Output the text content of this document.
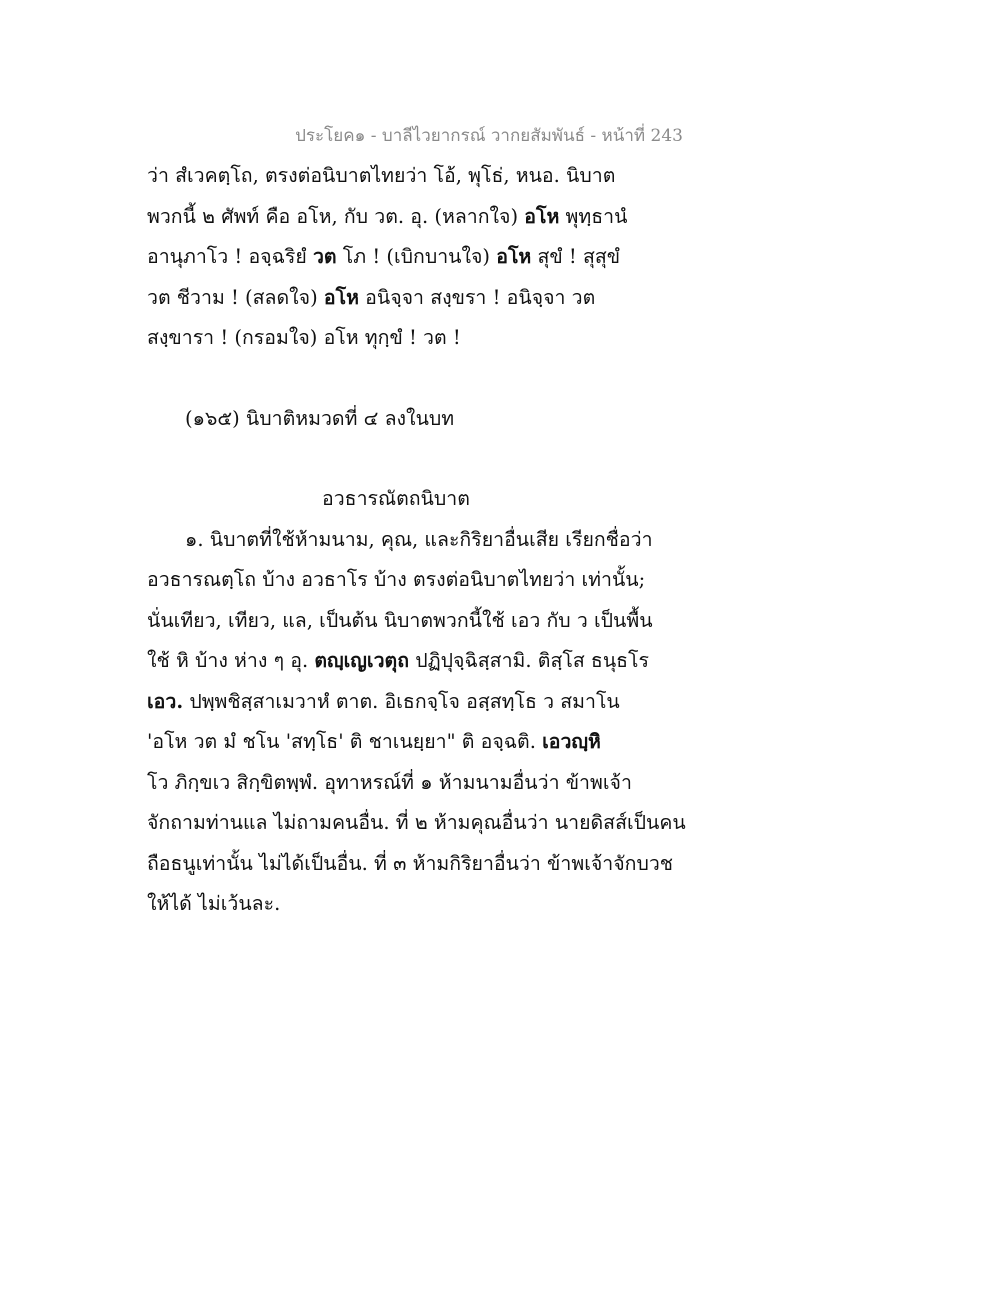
ประโยค๑ - บาลีไวยากรณ์ วากยสัมพันธ์ - หน้าที่ 243
ว่า สํเวคตฺโถ, ตรงต่อนิบาตไทยว่า โอ้, พุโธ่, หนอ. นิบาต
พวกนี้ ๒ ศัพท์ คือ อโห, กับ วต. อุ. (หลากใจ) อโห พุทฺธานํ
อานุภาโว ! อจฺฉริยํ วต โภ ! (เบิกบานใจ) อโห สุขํ ! สุสุขํ
วต ชีวาม ! (สลดใจ) อโห อนิจฺจา สงฺขรา ! อนิจฺจา วต
สงฺขารา ! (กรอมใจ) อโห ทุกฺขํ ! วต !
(๑๖๕) นิบาติหมวดที่ ๔ ลงในบท
อวธารณัตถนิบาต
๑. นิบาตที่ใช้ห้ามนาม, คุณ, และกิริยาอื่นเสีย เรียกชื่อว่า
อวธารณตฺโถ บ้าง อวธาโร บ้าง ตรงต่อนิบาตไทยว่า เท่านั้น;
นั่นเทียว, เทียว, แล, เป็นต้น นิบาตพวกนี้ใช้ เอว กับ ว เป็นพื้น
ใช้ หิ บ้าง ห่าง ๆ อุ. ตญฺเญเวตุถ ปฏิปุจฺฉิสฺสามิ. ติสฺโส ธนุธโร
เอว. ปพฺพชิสฺสาเมวาหํ ตาต. อิเธกจฺโจ อสฺสทฺโธ ว สมาโน
'อโห วต มํ ชโน 'สทฺโธ' ติ ชาเนยฺยา" ติ อจฺฉติ. เอวญฺหิ
โว ภิกฺขเว สิกฺขิตพฺพํ. อุทาหรณ์ที่ ๑ ห้ามนามอื่นว่า ข้าพเจ้า
จักถามท่านแล ไม่ถามคนอื่น. ที่ ๒ ห้ามคุณอื่นว่า นายดิสส์เป็นคน
ถือธนูเท่านั้น ไม่ได้เป็นอื่น. ที่ ๓ ห้ามกิริยาอื่นว่า ข้าพเจ้าจักบวช
ให้ได้ ไม่เว้นละ.
